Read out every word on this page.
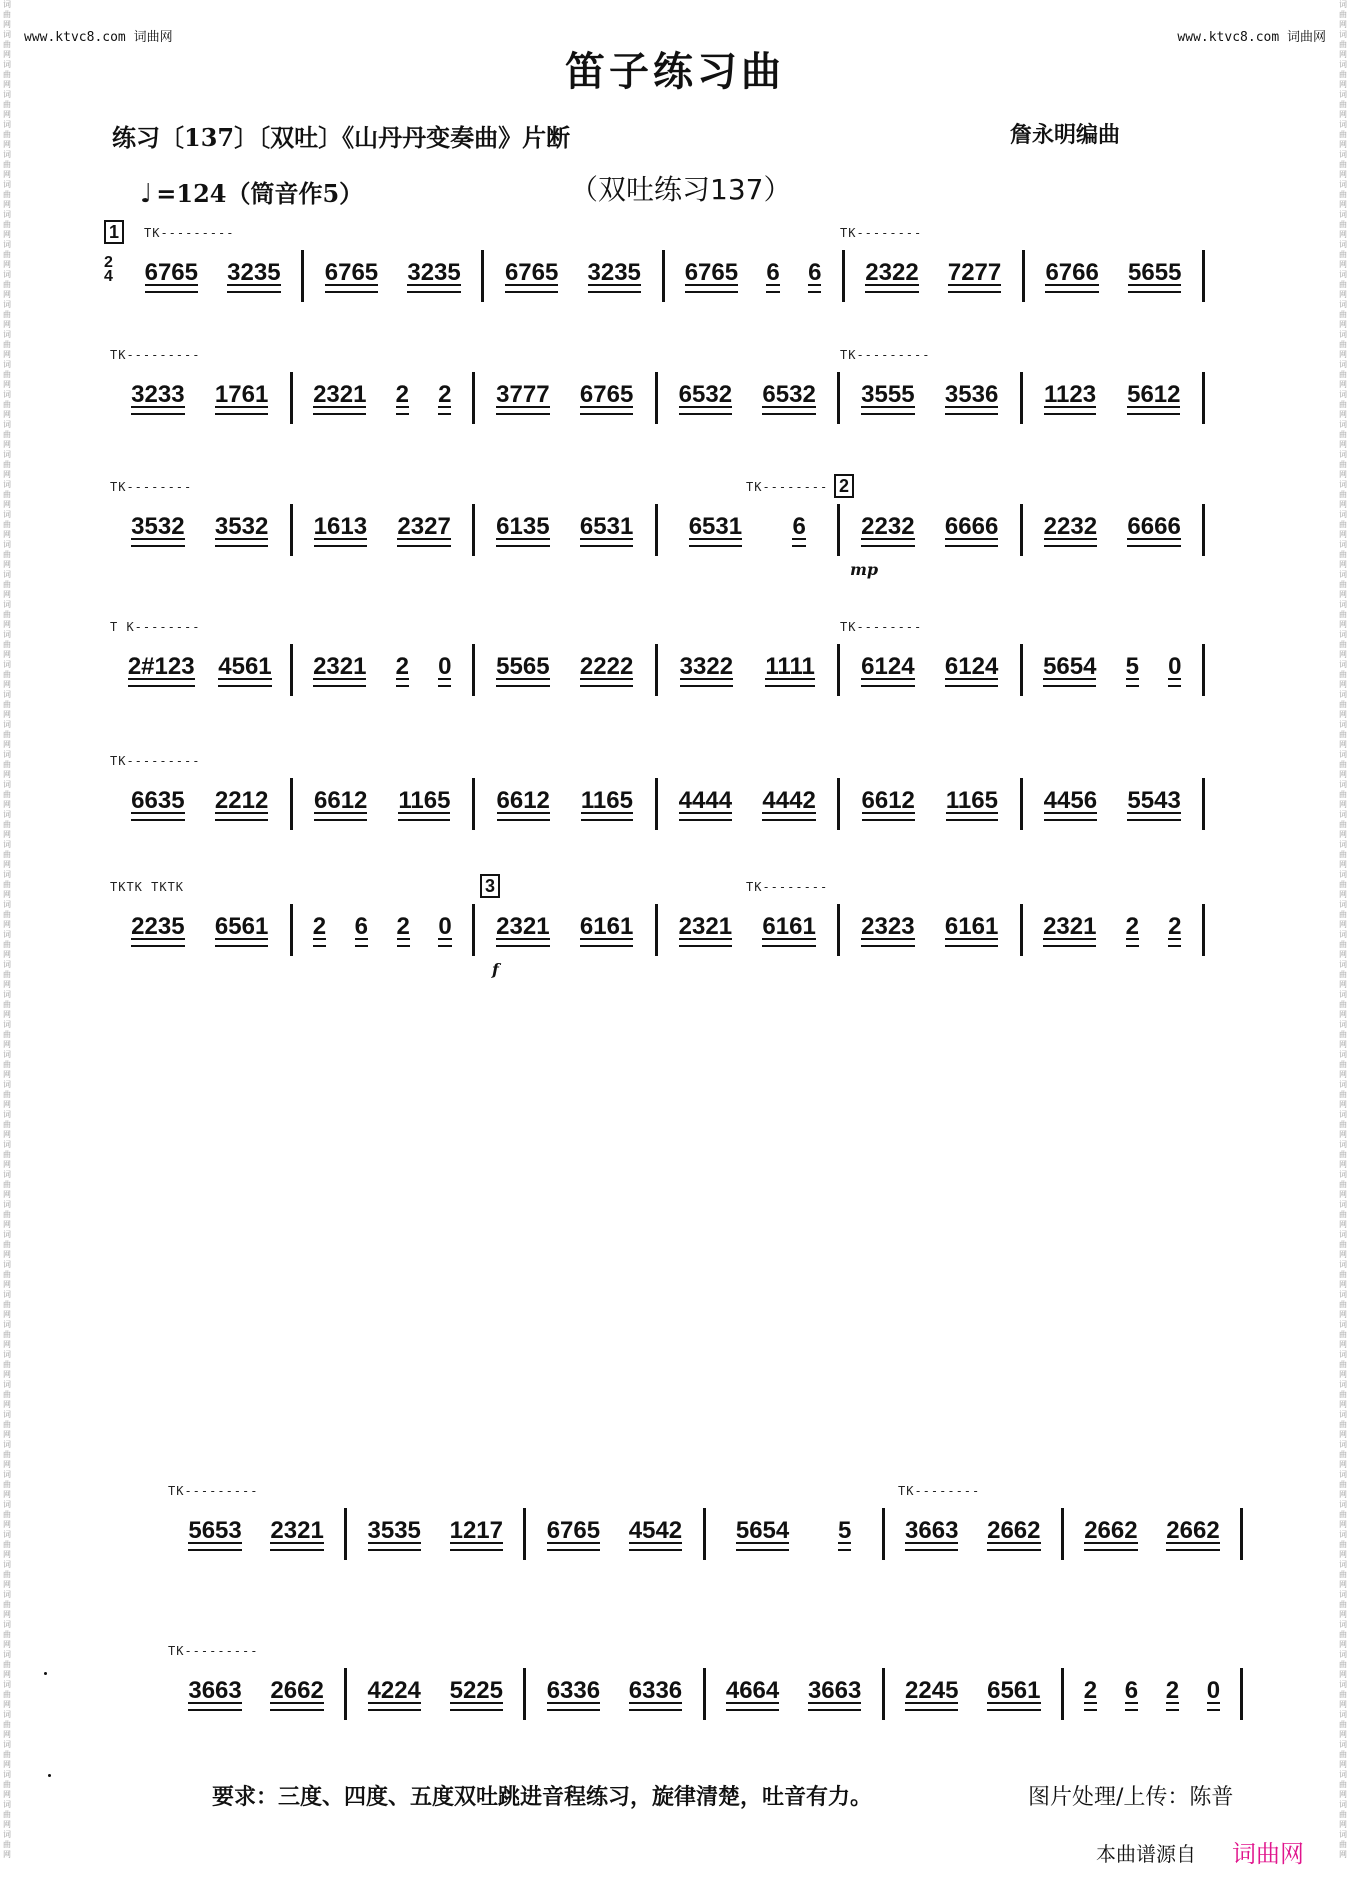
词曲网
词曲网
词曲网
词曲网
词曲网
词曲网
词曲网
词曲网
词曲网
词曲网
词曲网
词曲网
词曲网
词曲网
词曲网
词曲网
词曲网
词曲网
词曲网
词曲网
词曲网
词曲网
词曲网
词曲网
词曲网
词曲网
词曲网
词曲网
词曲网
词曲网
词曲网
词曲网
词曲网
词曲网
词曲网
词曲网
词曲网
词曲网
词曲网
词曲网
词曲网
词曲网
词曲网
词曲网
词曲网
词曲网
词曲网
词曲网
词曲网
词曲网
词曲网
词曲网
词曲网
词曲网
词曲网
词曲网
词曲网
词曲网
词曲网
词曲网
词曲网
词曲网
词曲网
词曲网
词曲网
词曲网
词曲网
词曲网
词曲网
词曲网
词曲网
词曲网
词曲网
词曲网
词曲网
词曲网
词曲网
词曲网
词曲网
词曲网
词曲网
词曲网
词曲网
词曲网
词曲网
词曲网
词曲网
词曲网
词曲网
词曲网
词曲网
词曲网
词曲网
词曲网
词曲网
词曲网
词曲网
词曲网
词曲网
词曲网
词曲网
词曲网
词曲网
词曲网
词曲网
词曲网
词曲网
词曲网
词曲网
词曲网
词曲网
词曲网
词曲网
词曲网
词曲网
词曲网
词曲网
词曲网
词曲网
词曲网
词曲网
词曲网
词曲网
词曲网
www.ktvc8.com 词曲网	www.ktvc8.com 词曲网
笛子练习曲
练习〔137〕〔双吐〕《山丹丹变奏曲》片断	詹永明编曲
♩ =124（筒音作5）	（双吐练习137）
TK---------	TK--------
1
2
4 6765 3235 6765 3235 6765 3235 6765 6 6 2322 7277 6766 5655
TK---------	TK---------
3233 1761 2321 2 2 3777 6765 6532 6532 3555 3536 1123 5612
TK--------	TK-------- 2
mp
3532 3532 1613 2327 6135 6531 6531 6 2232 6666 2232 6666
T K--------	TK--------
2#123 4561 2321 2 0 5565 2222 3322 1111 6124 6124 5654 5 0
TK---------
6635 2212 6612 1165 6612 1165 4444 4442 6612 1165 4456 5543
TKTK TKTK	TK--------
3
f
2235 6561 2 6 2 0 2321 6161 2321 6161 2323 6161 2321 2 2
TK---------	TK--------
5653 2321 3535 1217 6765 4542 5654 5 3663 2662 2662 2662
TK---------
3663 2662 4224 5225 6336 6336 4664 3663 2245 6561 2 6 2 0
要求：三度、四度、五度双吐跳进音程练习，旋律清楚，吐音有力。	图片处理/上传：陈普
本曲谱源自 词曲网
